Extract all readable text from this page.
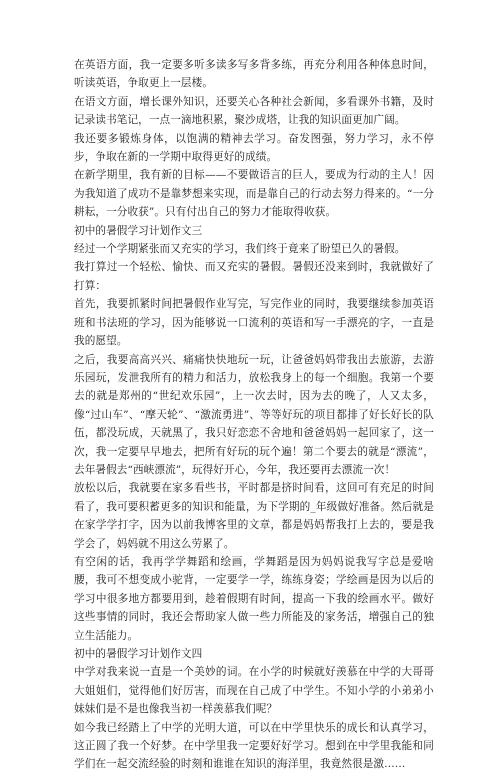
在英语方面，我一定要多听多读多写多背多练，再充分利用各种体息时间，听读英语，争取更上一层楼。

在语文方面，增长课外知识，还要关心各种社会新闻，多看课外书籍，及时记录读书笔记，一点一滴地积累，聚沙成塔，让我的知识面更加广阔。

我还要多锻炼身体，以饱满的精神去学习。奋发图强，努力学习，永不停步，争取在新的一学期中取得更好的成绩。

在新学期里，我有新的目标——不要做语言的巨人，要成为行动的主人！因为我知道了成功不是靠梦想来实现，而是靠自己的行动去努力得来的。“一分耕耘，一分收获”。只有付出自己的努力才能取得收获。

初中的暑假学习计划作文三

经过一个学期紧张而又充实的学习，我们终于竟来了盼望已久的暑假。

我打算过一个轻松、愉快、而又充实的暑假。暑假还没来到时，我就做好了打算：

首先，我要抓紧时间把暑假作业写完，写完作业的同时，我要继续参加英语班和书法班的学习，因为能够说一口流利的英语和写一手漂亮的字，一直是我的愿望。

之后，我要高高兴兴、痛痛快快地玩一玩，让爸爸妈妈带我出去旅游，去游乐园玩，发泄我所有的精力和活力，放松我身上的每一个细胞。我第一个要去的就是郑州的“世纪欢乐园”，上一次去时，因为去的晚了，人又太多，像“过山车”、“摩天轮”、“激流勇进”、等等好玩的项目都排了好长好长的队伍，都没玩成，天就黑了，我只好恋恋不舍地和爸爸妈妈一起回家了，这一次，我一定要早早地去，把所有好玩的玩个遍！第二个要去的就是“漂流”，去年暑假去“西峡漂流”，玩得好开心，今年，我还要再去漂流一次！

放松以后，我就要在家多看些书，平时都是挤时间看，这回可有充足的时间看了，我可要积蓄更多的知识和能量，为下学期的_年级做好准备。然后就是在家学学打字，因为以前我博客里的文章，都是妈妈帮我打上去的，要是我学会了，妈妈就不用这么劳累了。

有空闲的话，我再学学舞蹈和绘画，学舞蹈是因为妈妈说我写字总是爱啥腰，我可不想变成小驼背，一定要学一学，练练身姿；学绘画是因为以后的学习中很多地方都要用到，趁着假期有时间，提高一下我的绘画水平。做好这些事情的同时，我还会帮助家人做一些力所能及的家务活，增强自己的独立生活能力。

初中的暑假学习计划作文四

中学对我来说一直是一个美妙的词。在小学的时候就好羡慕在中学的大哥哥大姐姐们，觉得他们好厉害，而现在自己成了中学生。不知小学的小弟弟小妹妹们是不是也像我当初一样羡慕我们呢？

如今我已经踏上了中学的光明大道，可以在中学里快乐的成长和认真学习，这正圆了我一个好梦。在中学里我一定要好好学习。想到在中学里我能和同学们在一起交流经验的时刻和谁谁在知识的海洋里，我竟然很是激……
